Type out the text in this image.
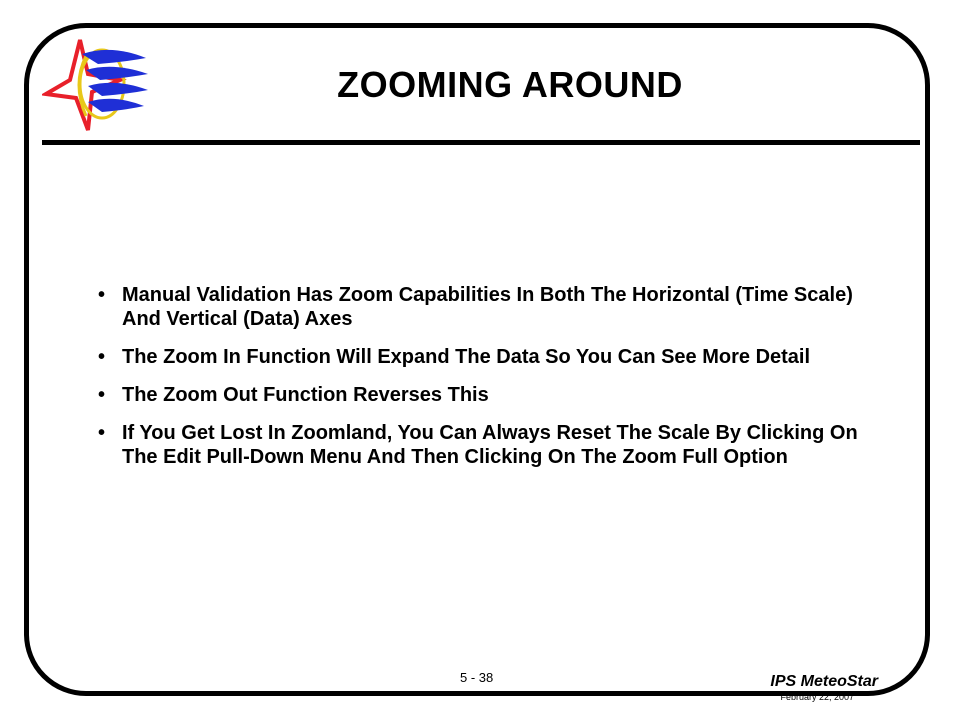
ZOOMING AROUND
• Manual Validation Has Zoom Capabilities In Both The Horizontal (Time Scale) And Vertical (Data) Axes
• The Zoom In Function Will Expand The Data So You Can See More Detail
• The Zoom Out Function Reverses This
• If You Get Lost In Zoomland, You Can Always Reset The Scale By Clicking On The Edit Pull-Down Menu And Then Clicking On The Zoom Full Option
5 - 38	IPS MeteoStar
February 22, 2007
